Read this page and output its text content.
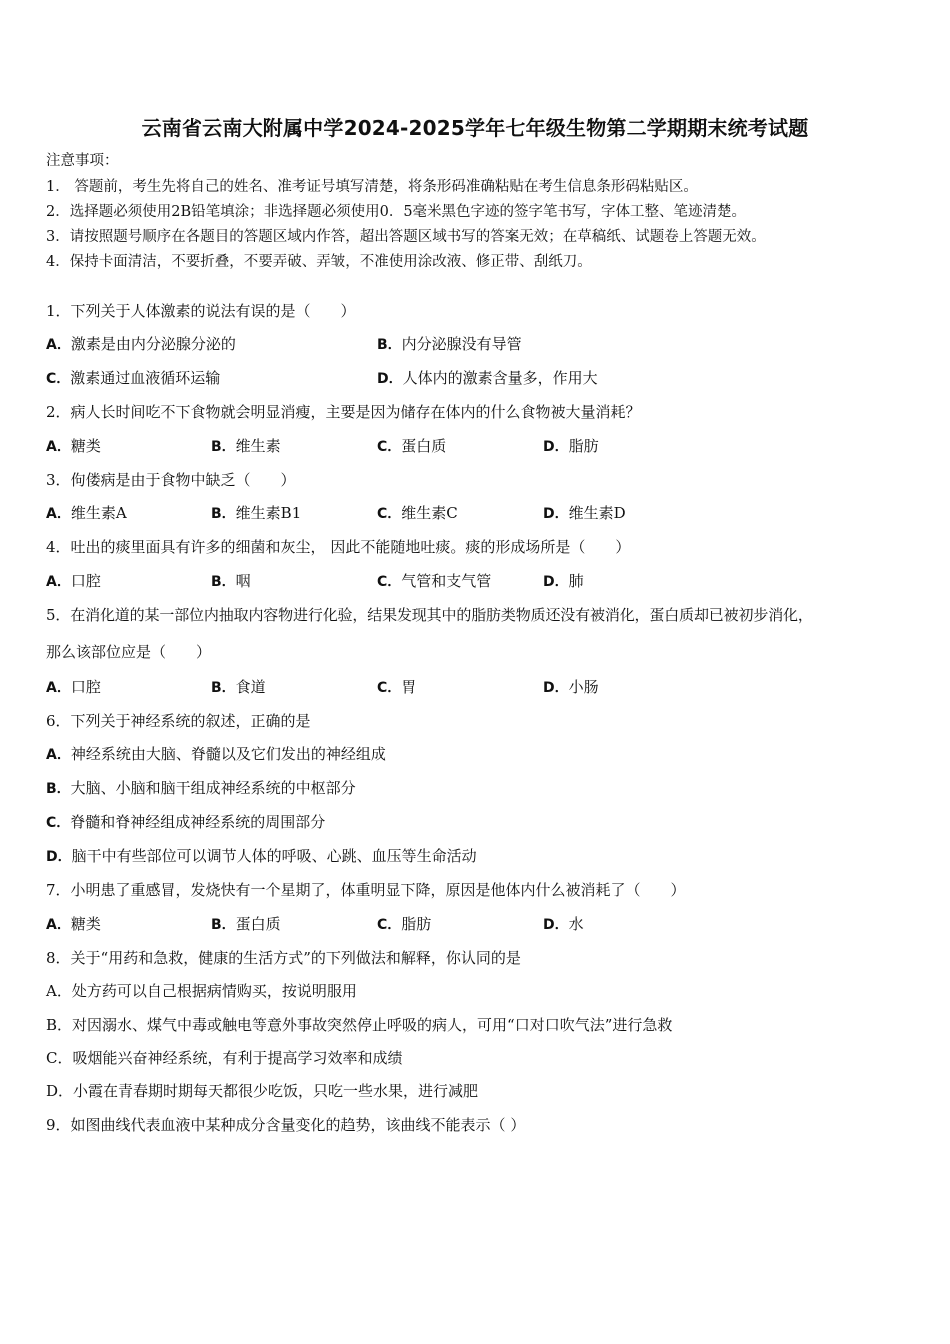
云南省云南大附属中学2024-2025学年七年级生物第二学期期末统考试题
注意事项：
1． 答题前，考生先将自己的姓名、准考证号填写清楚，将条形码准确粘贴在考生信息条形码粘贴区。
2．选择题必须使用2B铅笔填涂；非选择题必须使用0．5毫米黑色字迹的签字笔书写，字体工整、笔迹清楚。
3．请按照题号顺序在各题目的答题区域内作答，超出答题区域书写的答案无效；在草稿纸、试题卷上答题无效。
4．保持卡面清洁，不要折叠，不要弄破、弄皱，不准使用涂改液、修正带、刮纸刀。
1．下列关于人体激素的说法有误的是（　　）
A．激素是由内分泌腺分泌的	B．内分泌腺没有导管
C．激素通过血液循环运输	D．人体内的激素含量多，作用大
2．病人长时间吃不下食物就会明显消瘦，主要是因为储存在体内的什么食物被大量消耗？
A．糖类	B．维生素	C．蛋白质	D．脂肪
3．佝偻病是由于食物中缺乏（　　）
A．维生素A	B．维生素B1	C．维生素C	D．维生素D
4．吐出的痰里面具有许多的细菌和灰尘， 因此不能随地吐痰。痰的形成场所是（　　）
A．口腔	B．咽	C．气管和支气管	D．肺
5．在消化道的某一部位内抽取内容物进行化验，结果发现其中的脂肪类物质还没有被消化，蛋白质却已被初步消化，
那么该部位应是（　　）
A．口腔	B．食道	C．胃	D．小肠
6．下列关于神经系统的叙述，正确的是
A．神经系统由大脑、脊髓以及它们发出的神经组成
B．大脑、小脑和脑干组成神经系统的中枢部分
C．脊髓和脊神经组成神经系统的周围部分
D．脑干中有些部位可以调节人体的呼吸、心跳、血压等生命活动
7．小明患了重感冒，发烧快有一个星期了，体重明显下降，原因是他体内什么被消耗了（　　）
A．糖类	B．蛋白质	C．脂肪	D．水
8．关于“用药和急救，健康的生活方式”的下列做法和解释，你认同的是
A．处方药可以自己根据病情购买，按说明服用
B．对因溺水、煤气中毒或触电等意外事故突然停止呼吸的病人，可用“口对口吹气法”进行急救
C．吸烟能兴奋神经系统，有利于提高学习效率和成绩
D．小霞在青春期时期每天都很少吃饭，只吃一些水果，进行减肥
9．如图曲线代表血液中某种成分含量变化的趋势，该曲线不能表示（ ）
